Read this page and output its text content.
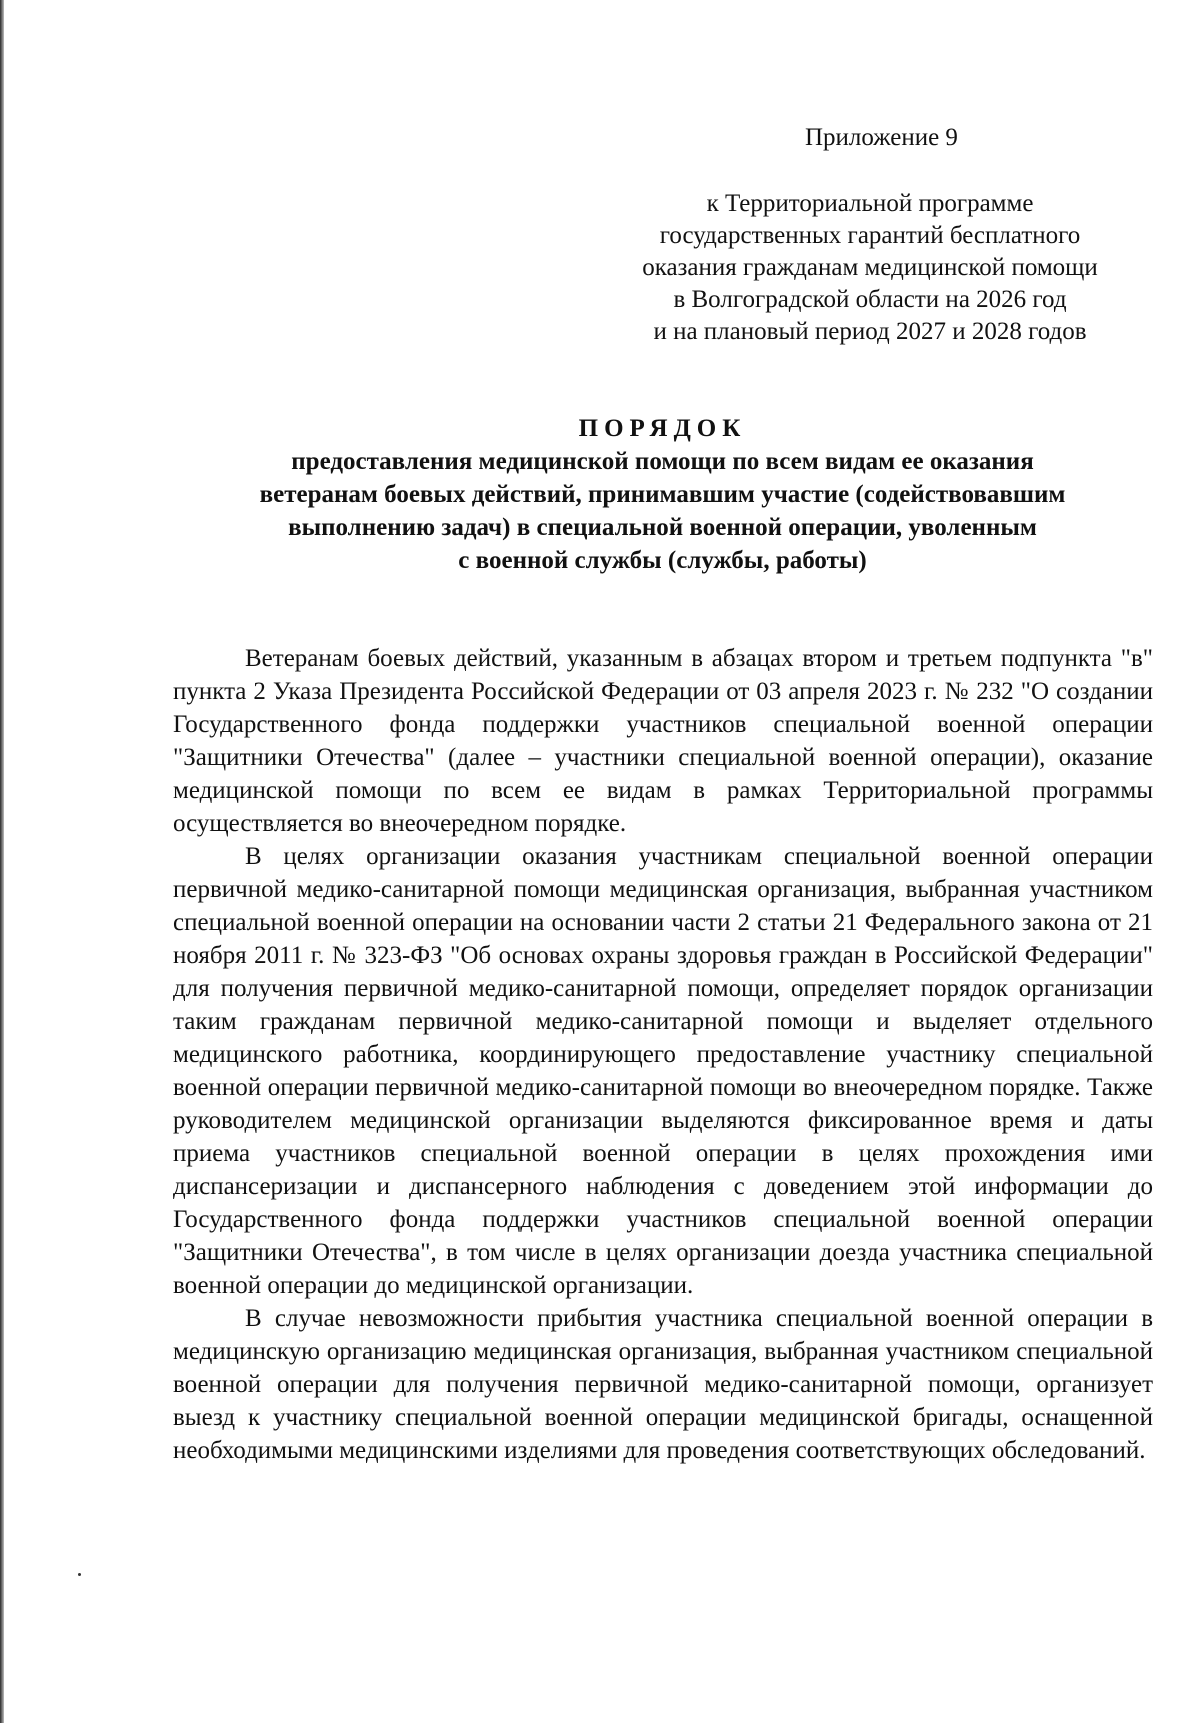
Приложение 9
к Территориальной программе
государственных гарантий бесплатного
оказания гражданам медицинской помощи
в Волгоградской области на 2026 год
и на плановый период 2027 и 2028 годов
ПОРЯДОК
предоставления медицинской помощи по всем видам ее оказания
ветеранам боевых действий, принимавшим участие (содействовавшим
выполнению задач) в специальной военной операции, уволенным
с военной службы (службы, работы)

Ветеранам боевых действий, указанным в абзацах втором и третьем подпункта "в" пункта 2 Указа Президента Российской Федерации от 03 апреля 2023 г. № 232 "О создании Государственного фонда поддержки участников специальной военной операции "Защитники Отечества" (далее – участники специальной военной операции), оказание медицинской помощи по всем ее видам в рамках Территориальной программы осуществляется во внеочередном порядке.

В целях организации оказания участникам специальной военной операции первичной медико-санитарной помощи медицинская организация, выбранная участником специальной военной операции на основании части 2 статьи 21 Федерального закона от 21 ноября 2011 г. № 323-ФЗ "Об основах охраны здоровья граждан в Российской Федерации" для получения первичной медико-санитарной помощи, определяет порядок организации таким гражданам первичной медико-санитарной помощи и выделяет отдельного медицинского работника, координирующего предоставление участнику специальной военной операции первичной медико-санитарной помощи во внеочередном порядке. Также руководителем медицинской организации выделяются фиксированное время и даты приема участников специальной военной операции в целях прохождения ими диспансеризации и диспансерного наблюдения с доведением этой информации до Государственного фонда поддержки участников специальной военной операции "Защитники Отечества", в том числе в целях организации доезда участника специальной военной операции до медицинской организации.

В случае невозможности прибытия участника специальной военной операции в медицинскую организацию медицинская организация, выбранная участником специальной военной операции для получения первичной медико-санитарной помощи, организует выезд к участнику специальной военной операции медицинской бригады, оснащенной необходимыми медицинскими изделиями для проведения соответствующих обследований.
